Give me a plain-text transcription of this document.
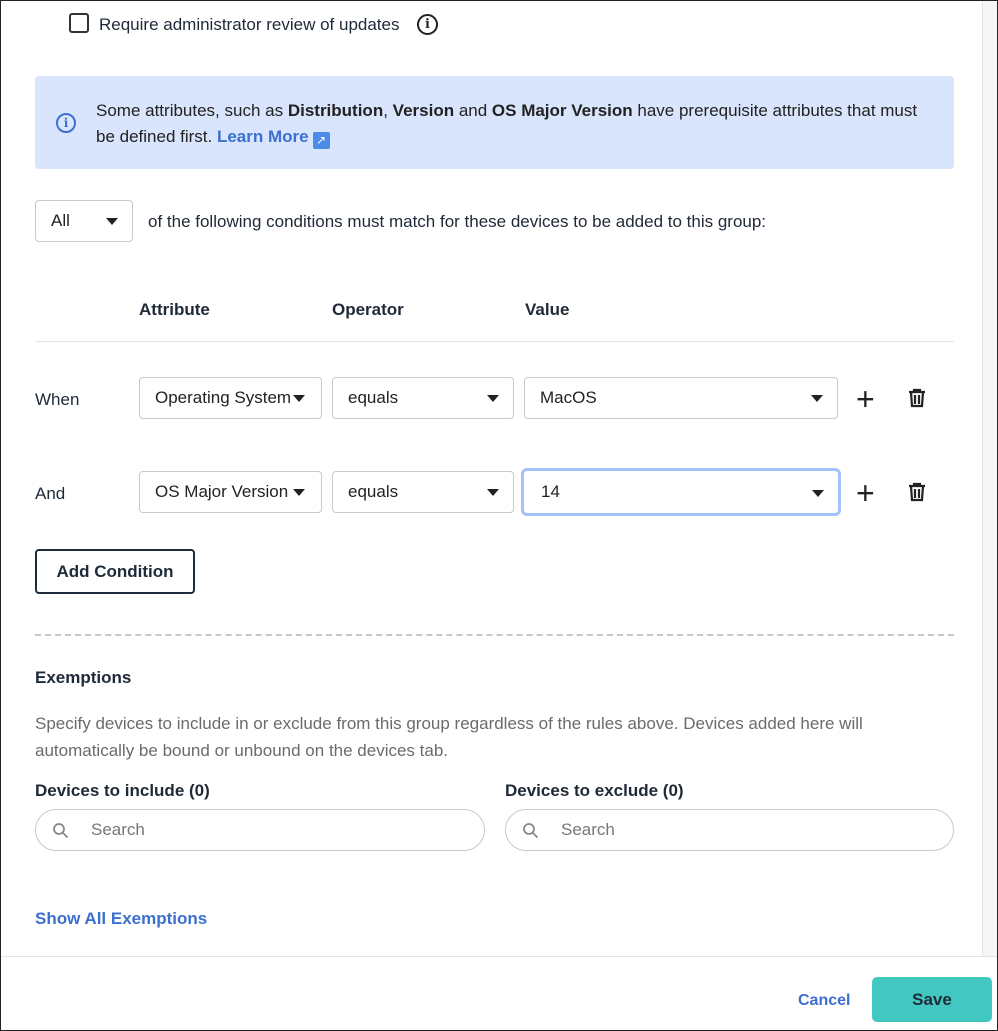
Require administrator review of updates	i
i
Some attributes, such as Distribution, Version and OS Major Version have prerequisite attributes that must be defined first. Learn More ↗
All	of the following conditions must match for these devices to be added to this group:
Attribute	Operator	Value
When	Operating System	equals	MacOS	+
And	OS Major Version	equals	14	+
Add Condition
Exemptions
Specify devices to include in or exclude from this group regardless of the rules above. Devices added here will automatically be bound or unbound on the devices tab.
Devices to include (0)	Devices to exclude (0)
Search
Search
Show All Exemptions
Cancel	Save
